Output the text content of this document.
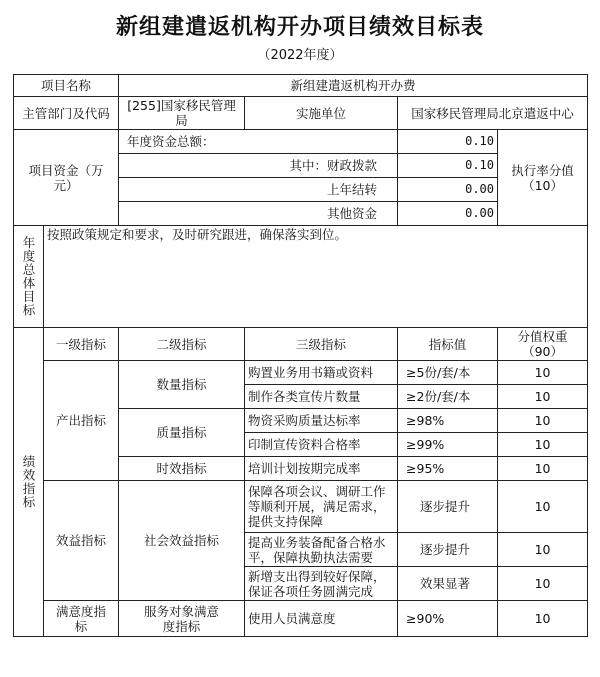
新组建遣返机构开办项目绩效目标表
（2022年度）
项目名称		新组建遣返机构开办费			
主管部门及代码		[255]国家移民管理局	实施单位	国家移民管理局北京遣返中心	

项目资金（万元）		年度资金总额：		0.10	执行率分值（10）

		其中：财政拨款		0.10	
		上年结转		0.00	
		其他资金		0.00	

年度总体目标	按照政策规定和要求，及时研究跟进，确保落实到位。				

绩效指标	一级指标	二级指标	三级指标	指标值	分值权重（90）

	产出指标	数量指标	购置业务用书籍或资料	≥5份/套/本	10
			制作各类宣传片数量	≥2份/套/本	10
		质量指标	物资采购质量达标率	≥98%	10
			印制宣传资料合格率	≥99%	10
		时效指标	培训计划按期完成率	≥95%	10
	效益指标	社会效益指标	保障各项会议、调研工作等顺利开展，满足需求，提供支持保障	逐步提升	10
			提高业务装备配备合格水平，保障执勤执法需要	逐步提升	10
			新增支出得到较好保障，保证各项任务圆满完成	效果显著	10

	满意度指标	服务对象满意度指标	使用人员满意度	≥90%	10
